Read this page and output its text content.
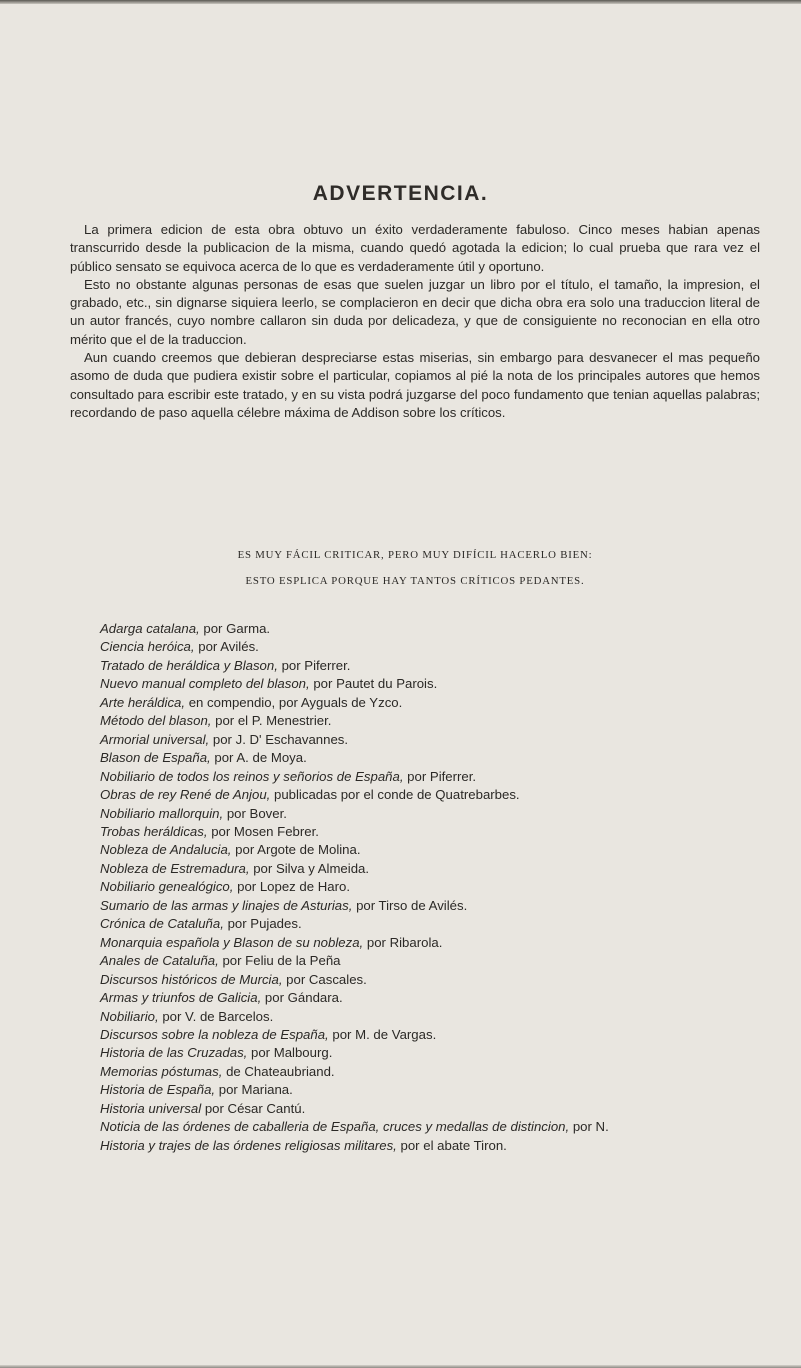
ADVERTENCIA.

La primera edicion de esta obra obtuvo un éxito verdaderamente fabuloso. Cinco meses habian apenas transcurrido desde la publicacion de la misma, cuando quedó agotada la edicion; lo cual prueba que rara vez el público sensato se equivoca acerca de lo que es verdaderamente útil y oportuno.

Esto no obstante algunas personas de esas que suelen juzgar un libro por el título, el tamaño, la impresion, el grabado, etc., sin dignarse siquiera leerlo, se complacieron en decir que dicha obra era solo una traduccion literal de un autor francés, cuyo nombre callaron sin duda por delicadeza, y que de consiguiente no reconocian en ella otro mérito que el de la traduccion.

Aun cuando creemos que debieran despreciarse estas miserias, sin embargo para desvanecer el mas pequeño asomo de duda que pudiera existir sobre el particular, copiamos al pié la nota de los principales autores que hemos consultado para escribir este tratado, y en su vista podrá juzgarse del poco fundamento que tenian aquellas palabras; recordando de paso aquella célebre máxima de Addison sobre los críticos.

ES MUY FÁCIL CRITICAR, PERO MUY DIFÍCIL HACERLO BIEN:
ESTO ESPLICA PORQUE HAY TANTOS CRÍTICOS PEDANTES.
Adarga catalana, por Garma.
Ciencia heróica, por Avilés.
Tratado de heráldica y Blason, por Piferrer.
Nuevo manual completo del blason, por Pautet du Parois.
Arte heráldica, en compendio, por Ayguals de Yzco.
Método del blason, por el P. Menestrier.
Armorial universal, por J. D' Eschavannes.
Blason de España, por A. de Moya.
Nobiliario de todos los reinos y señorios de España, por Piferrer.
Obras de rey René de Anjou, publicadas por el conde de Quatrebarbes.
Nobiliario mallorquin, por Bover.
Trobas heráldicas, por Mosen Febrer.
Nobleza de Andalucia, por Argote de Molina.
Nobleza de Estremadura, por Silva y Almeida.
Nobiliario genealógico, por Lopez de Haro.
Sumario de las armas y linajes de Asturias, por Tirso de Avilés.
Crónica de Cataluña, por Pujades.
Monarquia española y Blason de su nobleza, por Ribarola.
Anales de Cataluña, por Feliu de la Peña
Discursos históricos de Murcia, por Cascales.
Armas y triunfos de Galicia, por Gándara.
Nobiliario, por V. de Barcelos.
Discursos sobre la nobleza de España, por M. de Vargas.
Historia de las Cruzadas, por Malbourg.
Memorias póstumas, de Chateaubriand.
Historia de España, por Mariana.
Historia universal por César Cantú.
Noticia de las órdenes de caballeria de España, cruces y medallas de distincion, por N.
Historia y trajes de las órdenes religiosas militares, por el abate Tiron.
